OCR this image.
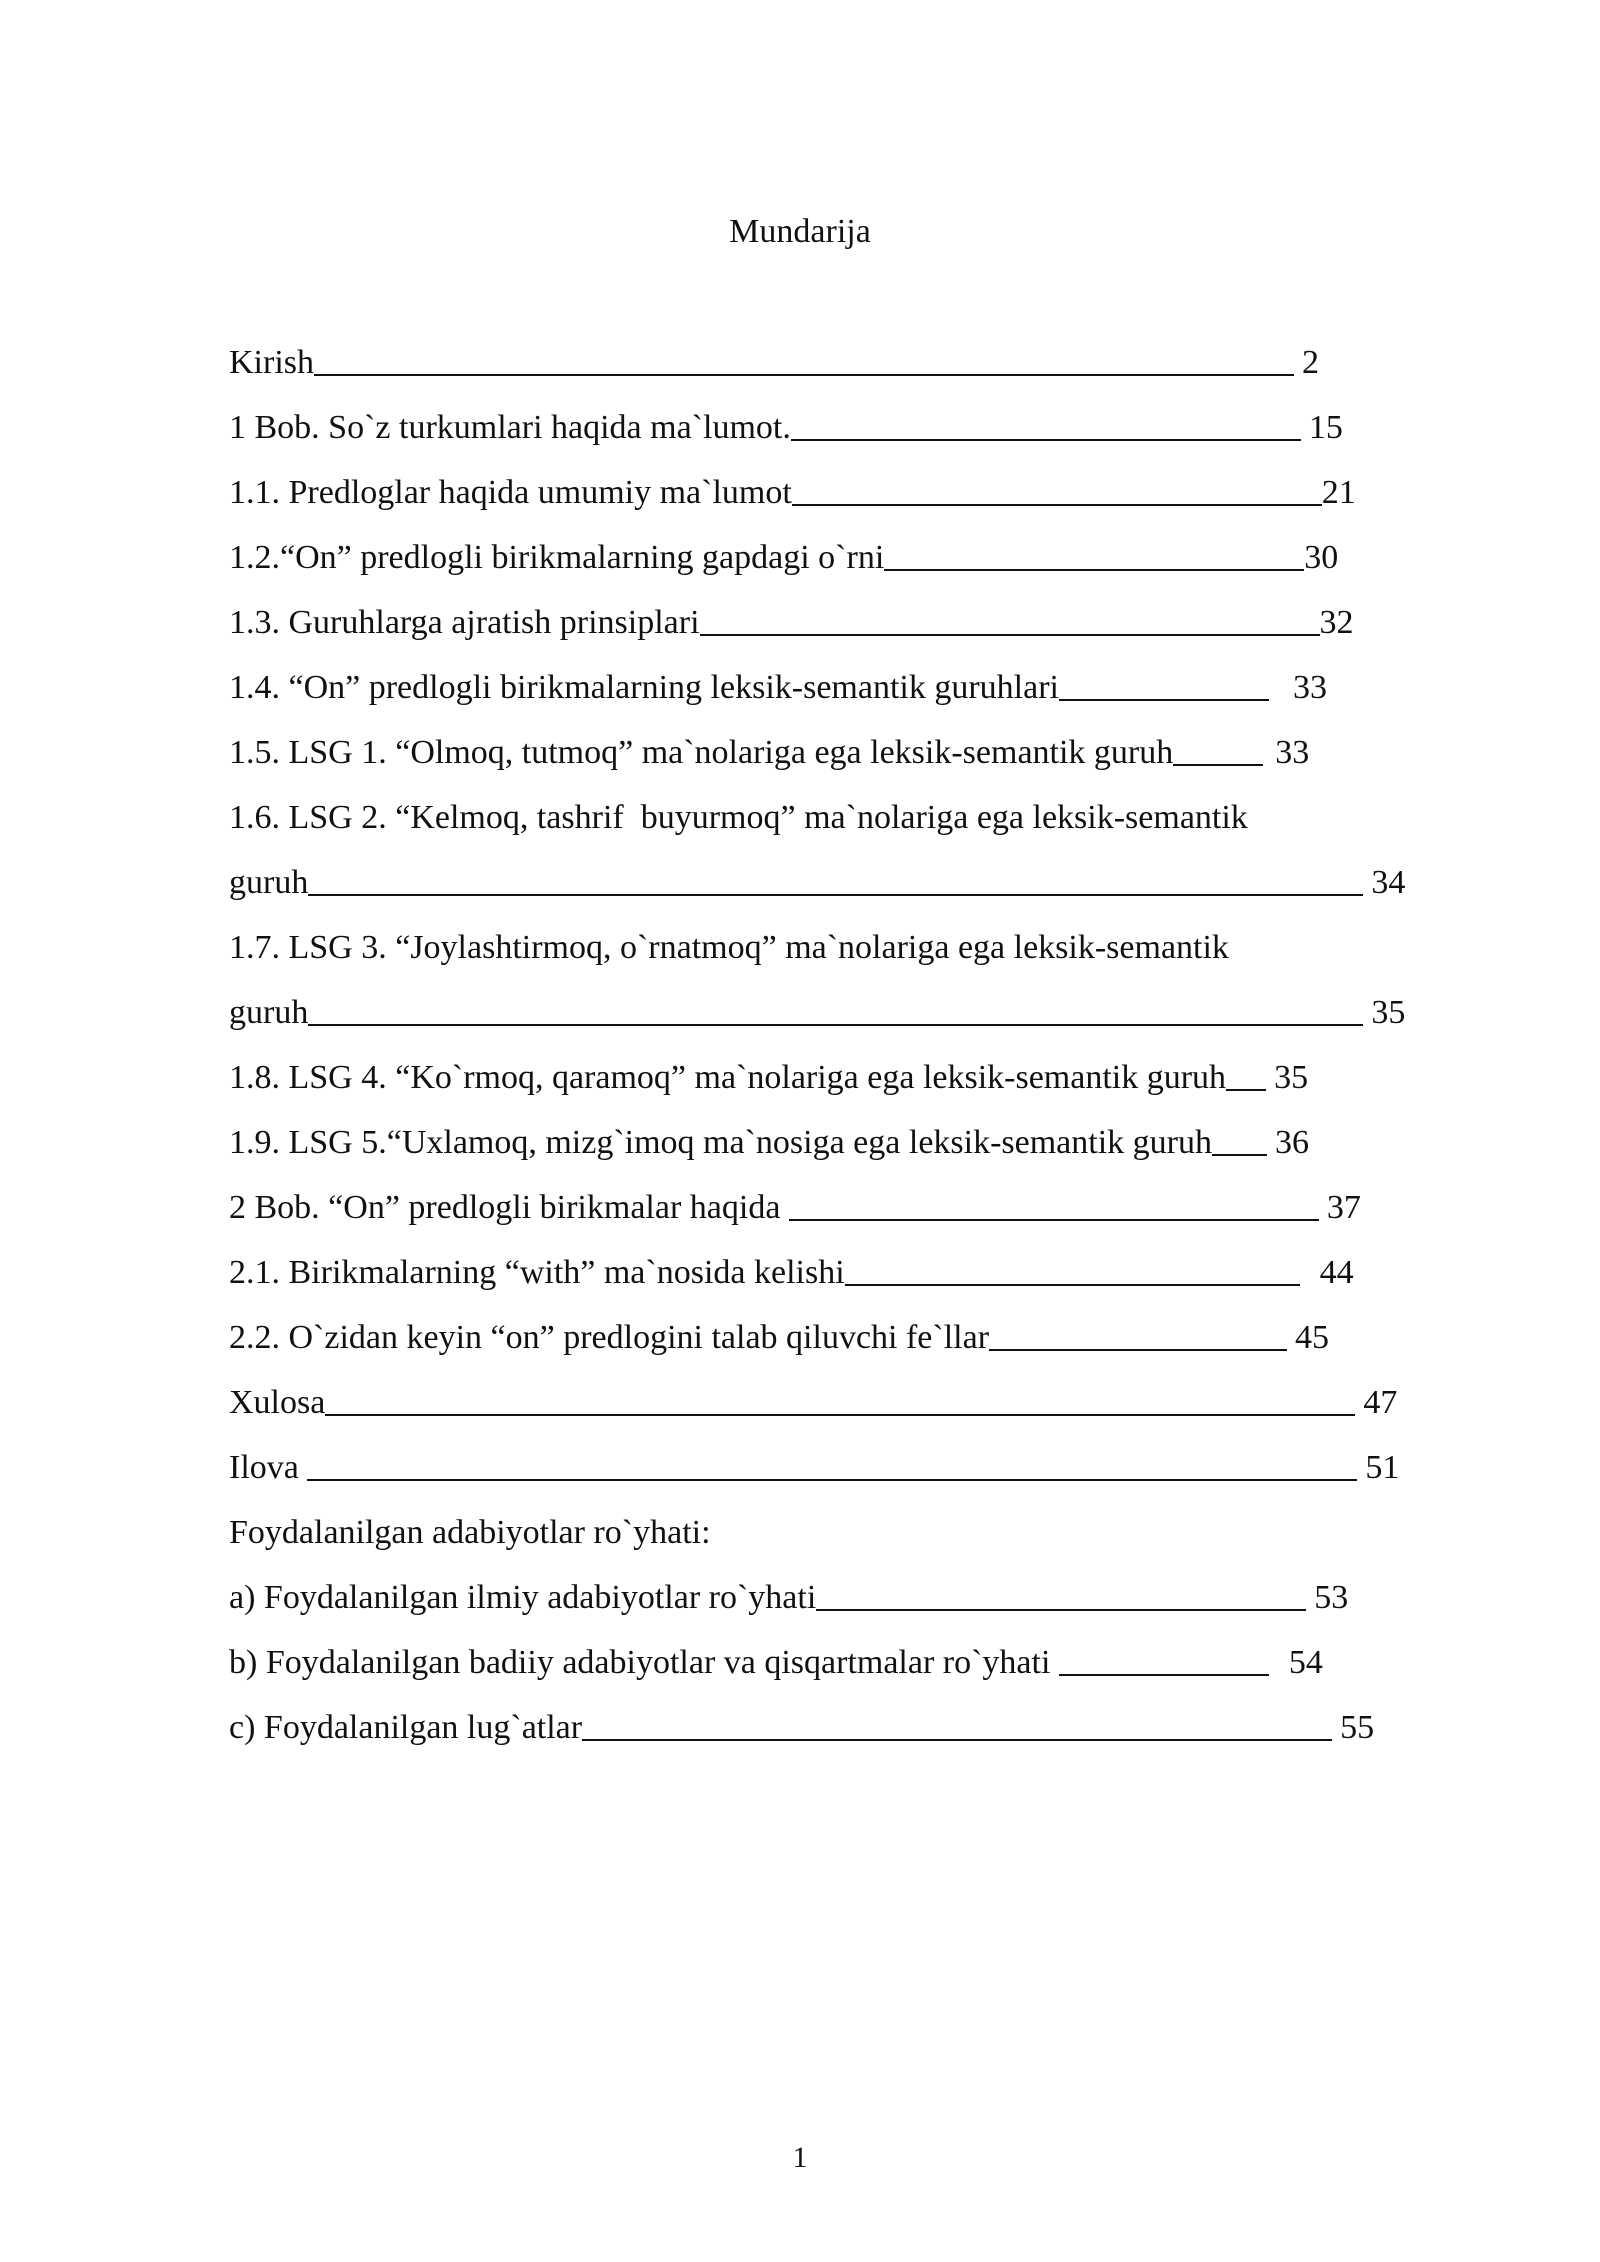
Mundarija
Kirish	2
1 Bob. So`z turkumlari haqida ma`lumot.	15
1.1. Predloglar haqida umumiy ma`lumot	21
1.2.“On” predlogli birikmalarning gapdagi o`rni	30
1.3. Guruhlarga ajratish prinsiplari	32
1.4. “On” predlogli birikmalarning leksik-semantik guruhlari	33
1.5. LSG 1. “Olmoq, tutmoq” ma`nolariga ega leksik-semantik guruh	33
1.6. LSG 2. “Kelmoq, tashrif  buyurmoq” ma`nolariga ega leksik-semantik
guruh	34
1.7. LSG 3. “Joylashtirmoq, o`rnatmoq” ma`nolariga ega leksik-semantik
guruh	35
1.8. LSG 4. “Ko`rmoq, qaramoq” ma`nolariga ega leksik-semantik guruh 35
1.9. LSG 5.“Uxlamoq, mizg`imoq ma`nosiga ega leksik-semantik guruh 36
2 Bob. “On” predlogli birikmalar haqida	37
2.1. Birikmalarning “with” ma`nosida kelishi	44
2.2. O`zidan keyin “on” predlogini talab qiluvchi fe`llar	45
Xulosa	47
Ilova	51
Foydalanilgan adabiyotlar ro`yhati:
a) Foydalanilgan ilmiy adabiyotlar ro`yhati	53
b) Foydalanilgan badiiy adabiyotlar va qisqartmalar ro`yhati	54
c) Foydalanilgan lug`atlar	55
1
